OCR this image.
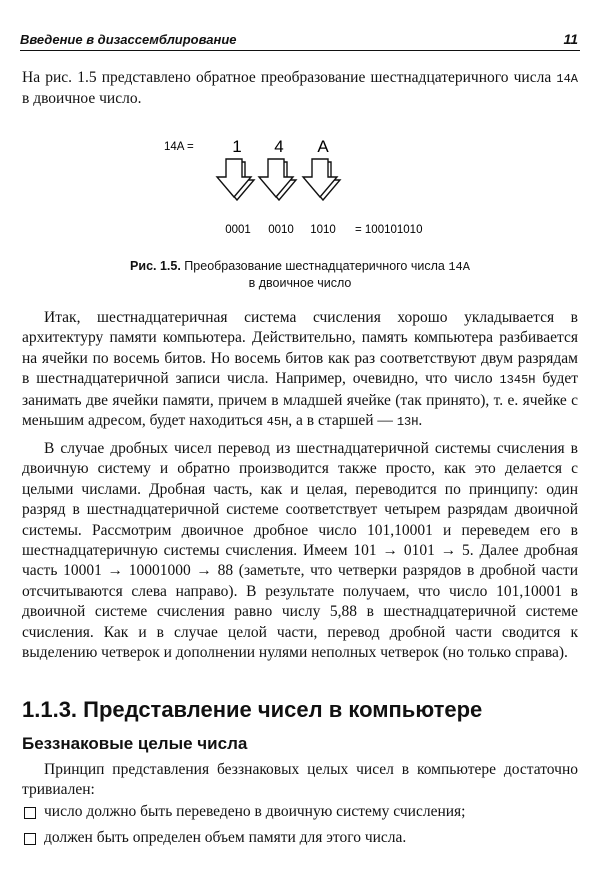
Введение в дизассемблирование	11
На рис. 1.5 представлено обратное преобразование шестнадцатеричного числа 14A в двоичное число.
14A = 1 4 A
0001 0010 1010 = 100101010
Рис. 1.5. Преобразование шестнадцатеричного числа 14A
в двоичное число
Итак, шестнадцатеричная система счисления хорошо укладывается в архитектуру памяти компьютера. Действительно, память компьютера разбивается на ячейки по восемь битов. Но восемь битов как раз соответствуют двум разрядам в шестнадцатеричной записи числа. Например, очевидно, что число 1345H будет занимать две ячейки памяти, причем в младшей ячейке (так принято), т. е. ячейке с меньшим адресом, будет находиться 45H, а в старшей — 13H.
В случае дробных чисел перевод из шестнадцатеричной системы счисления в двоичную систему и обратно производится также просто, как это делается с целыми числами. Дробная часть, как и целая, переводится по принципу: один разряд в шестнадцатеричной системе соответствует четырем разрядам двоичной системы. Рассмотрим двоичное дробное число 101,10001 и переведем его в шестнадцатеричную системы счисления. Имеем 101 → 0101 → 5. Далее дробная часть 10001 → 10001000 → 88 (заметьте, что четверки разрядов в дробной части отсчитываются слева направо). В результате получаем, что число 101,10001 в двоичной системе счисления равно числу 5,88 в шестнадцатеричной системе счисления. Как и в случае целой части, перевод дробной части сводится к выделению четверок и дополнении нулями неполных четверок (но только справа).
1.1.3. Представление чисел в компьютере
Беззнаковые целые числа
Принцип представления беззнаковых целых чисел в компьютере достаточно тривиален:
число должно быть переведено в двоичную систему счисления;
должен быть определен объем памяти для этого числа.
